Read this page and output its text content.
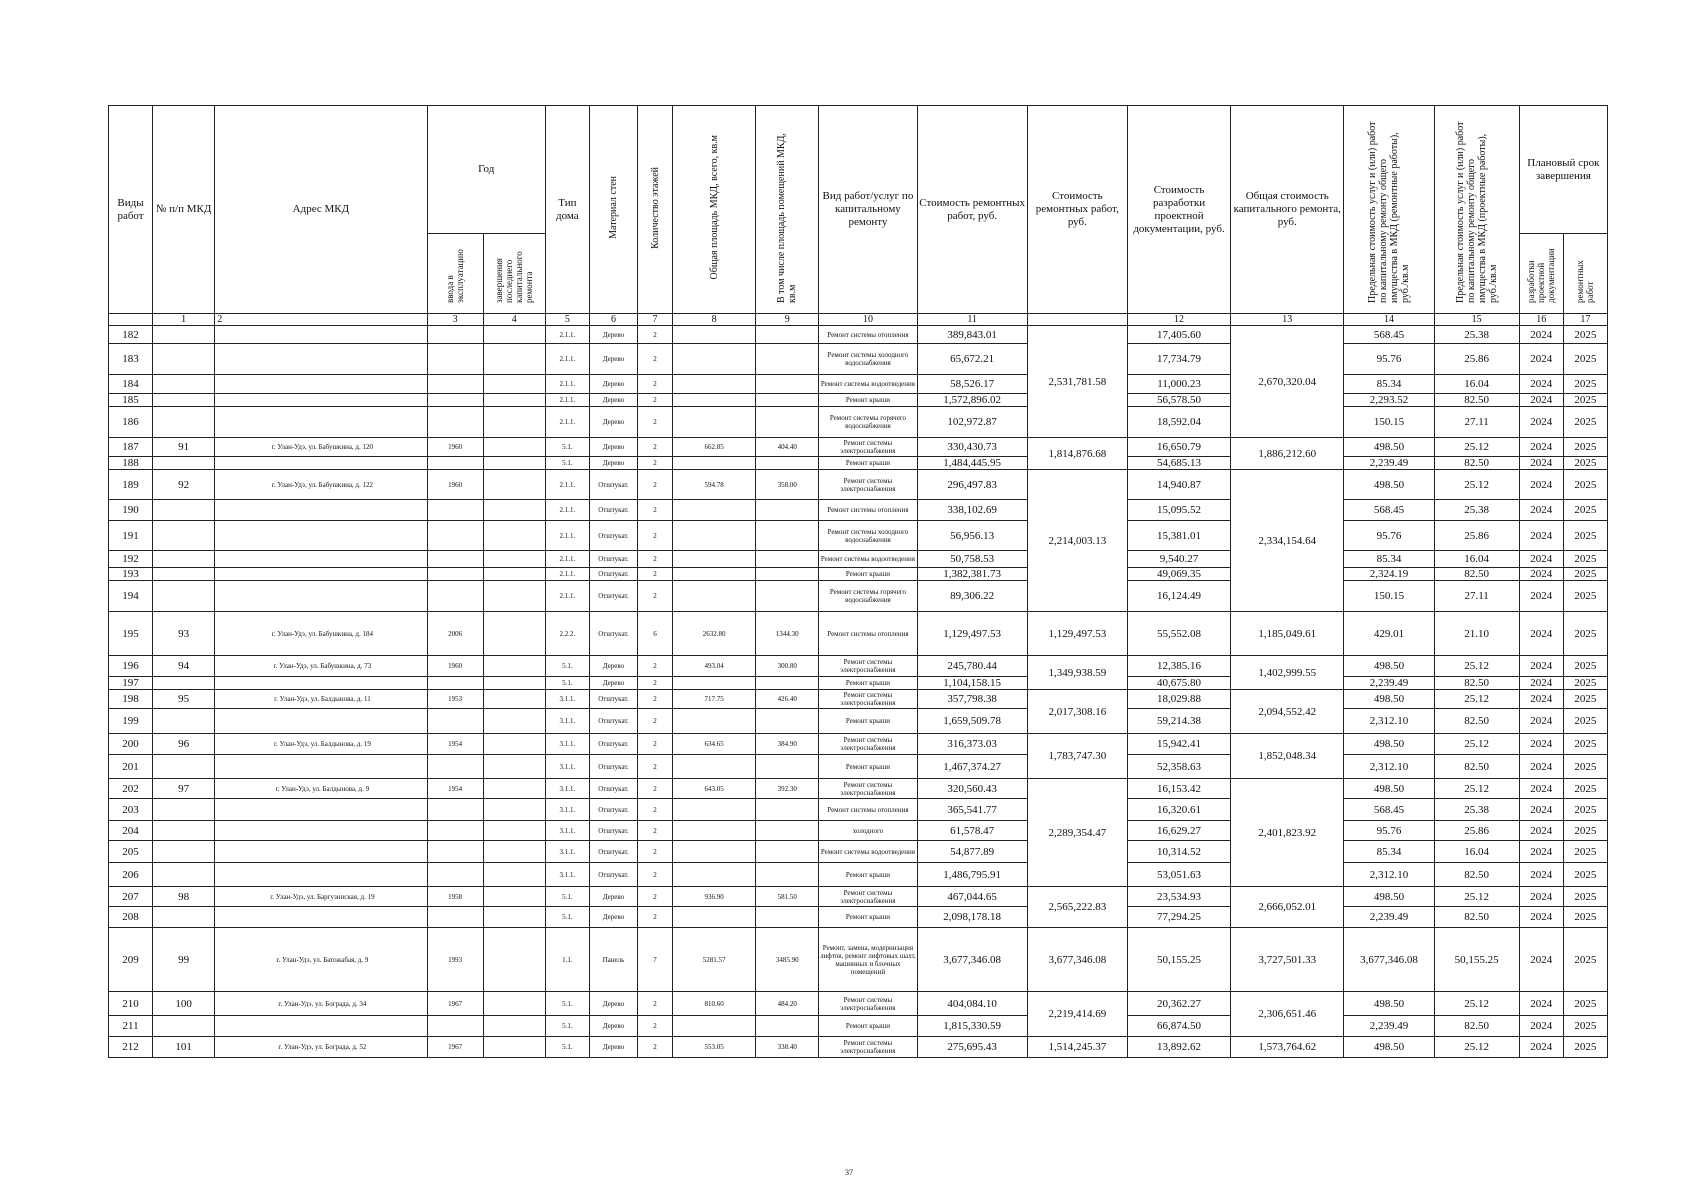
Виды работ	№ п/п МКД	Адрес МКД	Год		Тип дома	Материал стен	Количество этажей	Общая площадь МКД, всего, кв.м	В том числе площадь помещений МКД, кв.м	Вид работ/услуг по капитальному ремонту	Стоимость ремонтных работ, руб.	Стоимость ремонтных работ, руб.	Стоимость разработки проектной документации, руб.	Общая стоимость капитального ремонта, руб.	Предельная стоимость услуг и (или) работ по капитальному ремонту общего имущества в МКД (ремонтные работы), руб./кв.м	Предельная стоимость услуг и (или) работ по капитальному ремонту общего имущества в МКД (проектные работы), руб./кв.м	Плановый срок завершения	
			ввода в эксплуатацию	завершения последнего капитального ремонта													разработки проектной документации	ремонтных работ
	1	2	3	4	5	6	7	8	9	10	11		12	13	14	15	16	17
182					2.1.1.	Дерево	2			Ремонт системы отопления	389,843.01	2,531,781.58	17,405.60	2,670,320.04	568.45	25.38	2024	2025
183					2.1.1.	Дерево	2			Ремонт системы холодного водоснабжения	65,672.21		17,734.79		95.76	25.86	2024	2025
184					2.1.1.	Дерево	2			Ремонт системы водоотведения	58,526.17		11,000.23		85.34	16.04	2024	2025
185					2.1.1.	Дерево	2			Ремонт крыши	1,572,896.02		56,578.50		2,293.52	82.50	2024	2025
186					2.1.1.	Дерево	2			Ремонт системы горячего водоснабжения	102,972.87		18,592.04		150.15	27.11	2024	2025
187	91	г. Улан-Удэ, ул. Бабушкина, д. 120	1960		5.1.	Дерево	2	662.85	404.40	Ремонт системы электроснабжения	330,430.73	1,814,876.68	16,650.79	1,886,212.60	498.50	25.12	2024	2025
188					5.1.	Дерево	2			Ремонт крыши	1,484,445.95		54,685.13		2,239.49	82.50	2024	2025
189	92	г. Улан-Удэ, ул. Бабушкина, д. 122	1960		2.1.1.	Отштукат.	2	594.78	358.00	Ремонт системы электроснабжения	296,497.83	2,214,003.13	14,940.87	2,334,154.64	498.50	25.12	2024	2025
190					2.1.1.	Отштукат.	2			Ремонт системы отопления	338,102.69		15,095.52		568.45	25.38	2024	2025
191					2.1.1.	Отштукат.	2			Ремонт системы холодного водоснабжения	56,956.13		15,381.01		95.76	25.86	2024	2025
192					2.1.1.	Отштукат.	2			Ремонт системы водоотведения	50,758.53		9,540.27		85.34	16.04	2024	2025
193					2.1.1.	Отштукат.	2			Ремонт крыши	1,382,381.73		49,069.35		2,324.19	82.50	2024	2025
194					2.1.1.	Отштукат.	2			Ремонт системы горячего водоснабжения	89,306.22		16,124.49		150.15	27.11	2024	2025
195	93	г. Улан-Удэ, ул. Бабушкина, д. 184	2006		2.2.2.	Отштукат.	6	2632.80	1344.30	Ремонт системы отопления	1,129,497.53	1,129,497.53	55,552.08	1,185,049.61	429.01	21.10	2024	2025
196	94	г. Улан-Удэ, ул. Бабушкина, д. 73	1960		5.1.	Дерево	2	493.04	300.80	Ремонт системы электроснабжения	245,780.44	1,349,938.59	12,385.16	1,402,999.55	498.50	25.12	2024	2025
197					5.1.	Дерево	2			Ремонт крыши	1,104,158.15		40,675.80		2,239.49	82.50	2024	2025
198	95	г. Улан-Удэ, ул. Балдынова, д. 11	1953		3.1.1.	Отштукат.	2	717.75	426.40	Ремонт системы электроснабжения	357,798.38	2,017,308.16	18,029.88	2,094,552.42	498.50	25.12	2024	2025
199					3.1.1.	Отштукат.	2			Ремонт крыши	1,659,509.78		59,214.38		2,312.10	82.50	2024	2025
200	96	г. Улан-Удэ, ул. Балдынова, д. 19	1954		3.1.1.	Отштукат.	2	634.65	384.90	Ремонт системы электроснабжения	316,373.03	1,783,747.30	15,942.41	1,852,048.34	498.50	25.12	2024	2025
201					3.1.1.	Отштукат.	2			Ремонт крыши	1,467,374.27		52,358.63		2,312.10	82.50	2024	2025
202	97	г. Улан-Удэ, ул. Балдынова, д. 9	1954		3.1.1.	Отштукат.	2	643.05	392.30	Ремонт системы электроснабжения	320,560.43	2,289,354.47	16,153.42	2,401,823.92	498.50	25.12	2024	2025
203					3.1.1.	Отштукат.	2			Ремонт системы отопления	365,541.77		16,320.61		568.45	25.38	2024	2025
204					3.1.1.	Отштукат.	2			холодного	61,578.47		16,629.27		95.76	25.86	2024	2025
205					3.1.1.	Отштукат.	2			Ремонт системы водоотведения	54,877.89		10,314.52		85.34	16.04	2024	2025
206					3.1.1.	Отштукат.	2			Ремонт крыши	1,486,795.91		53,051.63		2,312.10	82.50	2024	2025
207	98	г. Улан-Удэ, ул. Баргузинская, д. 19	1958		5.1.	Дерево	2	936.90	581.50	Ремонт системы электроснабжения	467,044.65	2,565,222.83	23,534.93	2,666,052.01	498.50	25.12	2024	2025
208					5.1.	Дерево	2			Ремонт крыши	2,098,178.18		77,294.25		2,239.49	82.50	2024	2025
209	99	г. Улан-Удэ, ул. Батожабая, д. 9	1993		1.1.	Панель	7	5281.57	3485.90	Ремонт, замена, модернизация лифтов, ремонт лифтовых шахт, машинных и блочных помещений	3,677,346.08	3,677,346.08	50,155.25	3,727,501.33	3,677,346.08	50,155.25	2024	2025
210	100	г. Улан-Удэ, ул. Бограда, д. 34	1967		5.1.	Дерево	2	810.60	484.20	Ремонт системы электроснабжения	404,084.10	2,219,414.69	20,362.27	2,306,651.46	498.50	25.12	2024	2025
211					5.1.	Дерево	2			Ремонт крыши	1,815,330.59		66,874.50		2,239.49	82.50	2024	2025
212	101	г. Улан-Удэ, ул. Бограда, д. 52	1967		5.1.	Дерево	2	553.05	338.40	Ремонт системы электроснабжения	275,695.43	1,514,245.37	13,892.62	1,573,764.62	498.50	25.12	2024	2025
37
